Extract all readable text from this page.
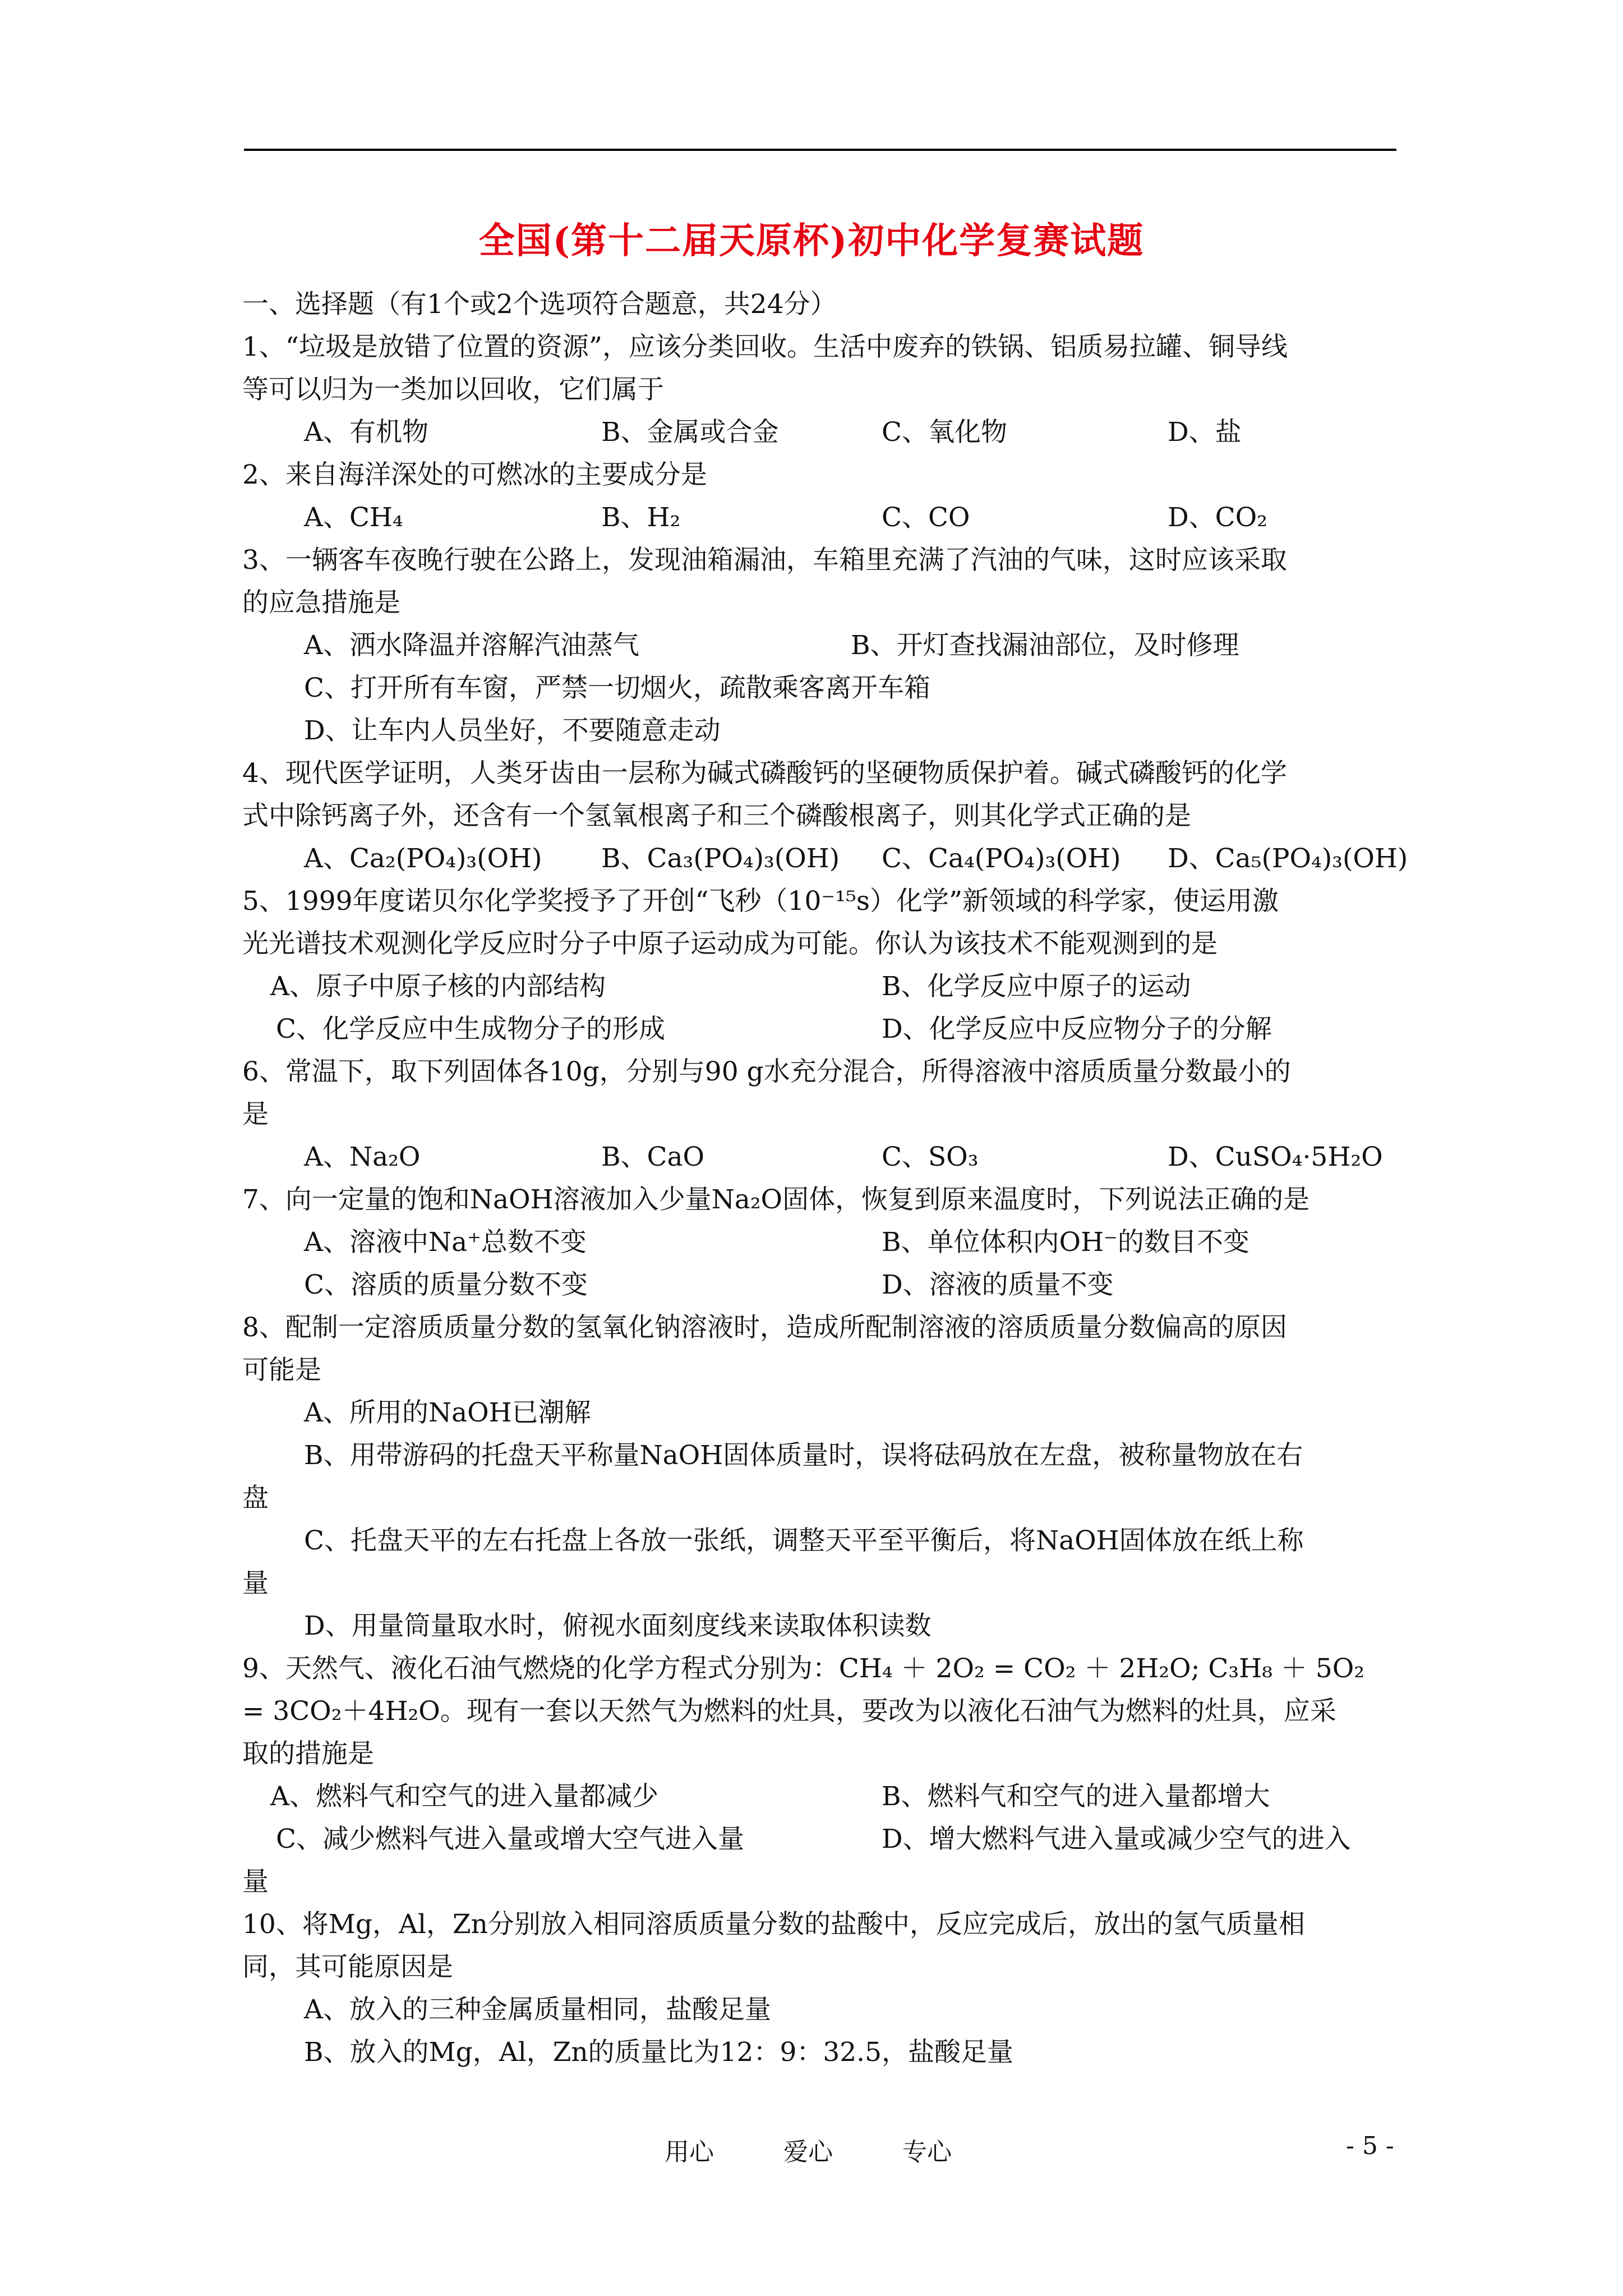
全国(第十二届天原杯)初中化学复赛试题
一、选择题（有1个或2个选项符合题意，共24分）
1、“垃圾是放错了位置的资源”，应该分类回收。生活中废弃的铁锅、铝质易拉罐、铜导线
等可以归为一类加以回收，它们属于
A、有机物	B、金属或合金	C、氧化物	D、盐
2、来自海洋深处的可燃冰的主要成分是
A、CH₄	B、H₂	C、CO	D、CO₂
3、一辆客车夜晚行驶在公路上，发现油箱漏油，车箱里充满了汽油的气味，这时应该采取
的应急措施是
A、洒水降温并溶解汽油蒸气	B、开灯查找漏油部位，及时修理
C、打开所有车窗，严禁一切烟火，疏散乘客离开车箱
D、让车内人员坐好，不要随意走动
4、现代医学证明，人类牙齿由一层称为碱式磷酸钙的坚硬物质保护着。碱式磷酸钙的化学
式中除钙离子外，还含有一个氢氧根离子和三个磷酸根离子，则其化学式正确的是
A、Ca₂(PO₄)₃(OH) B、Ca₃(PO₄)₃(OH) C、Ca₄(PO₄)₃(OH) D、Ca₅(PO₄)₃(OH)
5、1999年度诺贝尔化学奖授予了开创“飞秒（10⁻¹⁵s）化学”新领域的科学家，使运用激
光光谱技术观测化学反应时分子中原子运动成为可能。你认为该技术不能观测到的是
A、原子中原子核的内部结构	B、化学反应中原子的运动
C、化学反应中生成物分子的形成	D、化学反应中反应物分子的分解
6、常温下，取下列固体各10g，分别与90 g水充分混合，所得溶液中溶质质量分数最小的
是
A、Na₂O	B、CaO	C、SO₃	D、CuSO₄·5H₂O
7、向一定量的饱和NaOH溶液加入少量Na₂O固体，恢复到原来温度时，下列说法正确的是
A、溶液中Na⁺总数不变	B、单位体积内OH⁻的数目不变
C、溶质的质量分数不变	D、溶液的质量不变
8、配制一定溶质质量分数的氢氧化钠溶液时，造成所配制溶液的溶质质量分数偏高的原因
可能是
A、所用的NaOH已潮解
B、用带游码的托盘天平称量NaOH固体质量时，误将砝码放在左盘，被称量物放在右
盘
C、托盘天平的左右托盘上各放一张纸，调整天平至平衡后，将NaOH固体放在纸上称
量
D、用量筒量取水时，俯视水面刻度线来读取体积读数
9、天然气、液化石油气燃烧的化学方程式分别为：CH₄ ＋ 2O₂ = CO₂ ＋ 2H₂O; C₃H₈ ＋ 5O₂
= 3CO₂＋4H₂O。现有一套以天然气为燃料的灶具，要改为以液化石油气为燃料的灶具，应采
取的措施是
A、燃料气和空气的进入量都减少	B、燃料气和空气的进入量都增大
C、减少燃料气进入量或增大空气进入量	D、增大燃料气进入量或减少空气的进入
量
10、将Mg，Al，Zn分别放入相同溶质质量分数的盐酸中，反应完成后，放出的氢气质量相
同，其可能原因是
A、放入的三种金属质量相同，盐酸足量
B、放入的Mg，Al，Zn的质量比为12：9：32.5，盐酸足量
用心	爱心	专心	- 5 -
